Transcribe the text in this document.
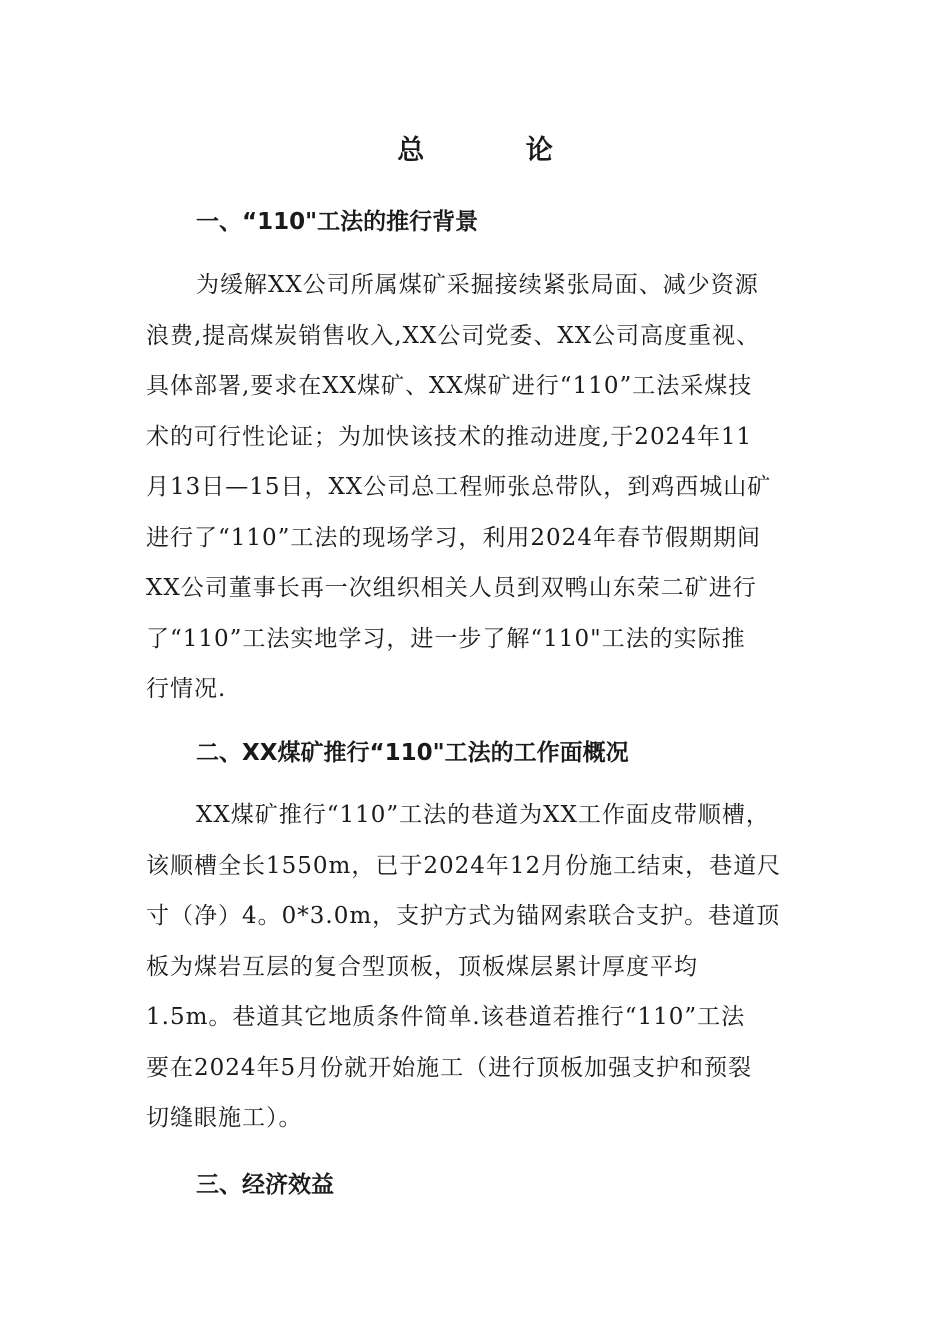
总 论
一、“110"工法的推行背景
为缓解XX公司所属煤矿采掘接续紧张局面、减少资源
浪费,提高煤炭销售收入,XX公司党委、XX公司高度重视、
具体部署,要求在XX煤矿、XX煤矿进行“110”工法采煤技
术的可行性论证；为加快该技术的推动进度,于2024年11
月13日—15日，XX公司总工程师张总带队，到鸡西城山矿
进行了“110”工法的现场学习，利用2024年春节假期期间
XX公司董事长再一次组织相关人员到双鸭山东荣二矿进行
了“110”工法实地学习，进一步了解“110"工法的实际推
行情况.
二、XX煤矿推行“110"工法的工作面概况
XX煤矿推行“110”工法的巷道为XX工作面皮带顺槽，
该顺槽全长1550m，已于2024年12月份施工结束，巷道尺
寸（净）4。0*3.0m，支护方式为锚网索联合支护。巷道顶
板为煤岩互层的复合型顶板，顶板煤层累计厚度平均
1.5m。巷道其它地质条件简单.该巷道若推行“110”工法
要在2024年5月份就开始施工（进行顶板加强支护和预裂
切缝眼施工）。
三、经济效益
